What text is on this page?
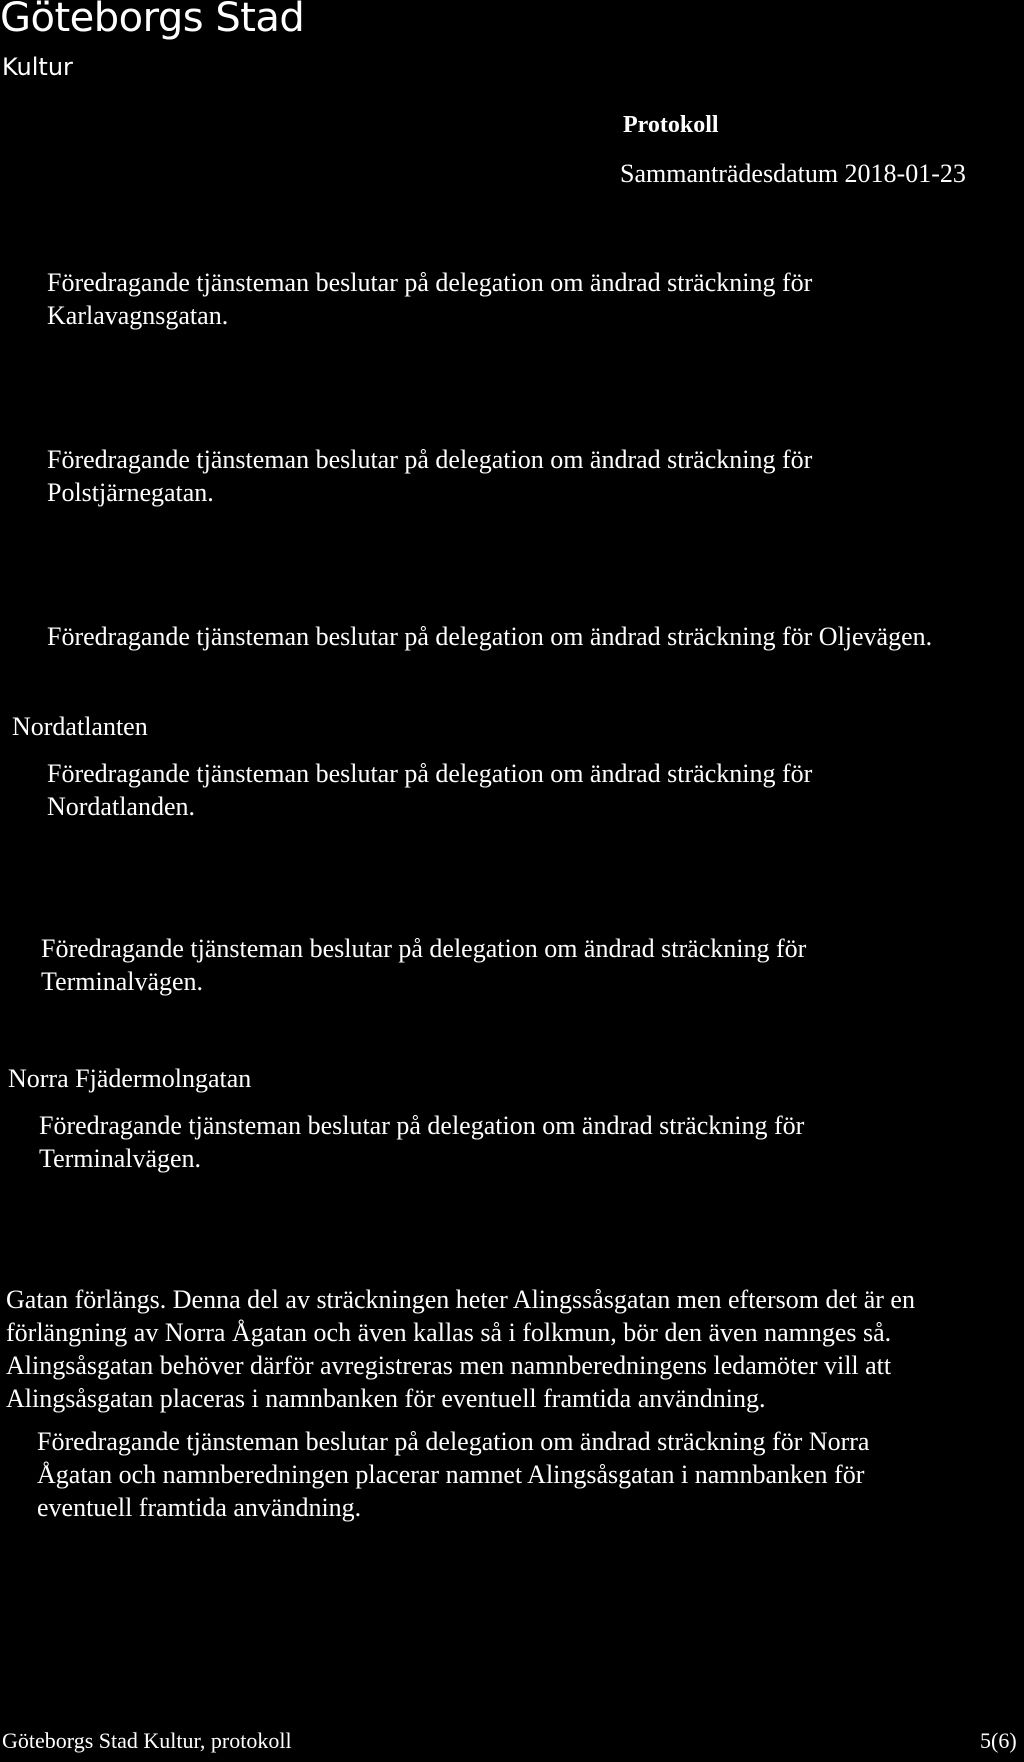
Göteborgs Stad
Kultur
Protokoll
Sammanträdesdatum 2018-01-23
Föredragande tjänsteman beslutar på delegation om ändrad sträckning för
Karlavagnsgatan.
Föredragande tjänsteman beslutar på delegation om ändrad sträckning för
Polstjärnegatan.
Föredragande tjänsteman beslutar på delegation om ändrad sträckning för Oljevägen.
Nordatlanten
Föredragande tjänsteman beslutar på delegation om ändrad sträckning för
Nordatlanden.
Föredragande tjänsteman beslutar på delegation om ändrad sträckning för
Terminalvägen.
Norra Fjädermolngatan
Föredragande tjänsteman beslutar på delegation om ändrad sträckning för
Terminalvägen.
Gatan förlängs. Denna del av sträckningen heter Alingssåsgatan men eftersom det är en
förlängning av Norra Ågatan och även kallas så i folkmun, bör den även namnges så.
Alingsåsgatan behöver därför avregistreras men namnberedningens ledamöter vill att
Alingsåsgatan placeras i namnbanken för eventuell framtida användning.
Föredragande tjänsteman beslutar på delegation om ändrad sträckning för Norra
Ågatan och namnberedningen placerar namnet Alingsåsgatan i namnbanken för
eventuell framtida användning.
Göteborgs Stad Kultur, protokoll	5(6)
